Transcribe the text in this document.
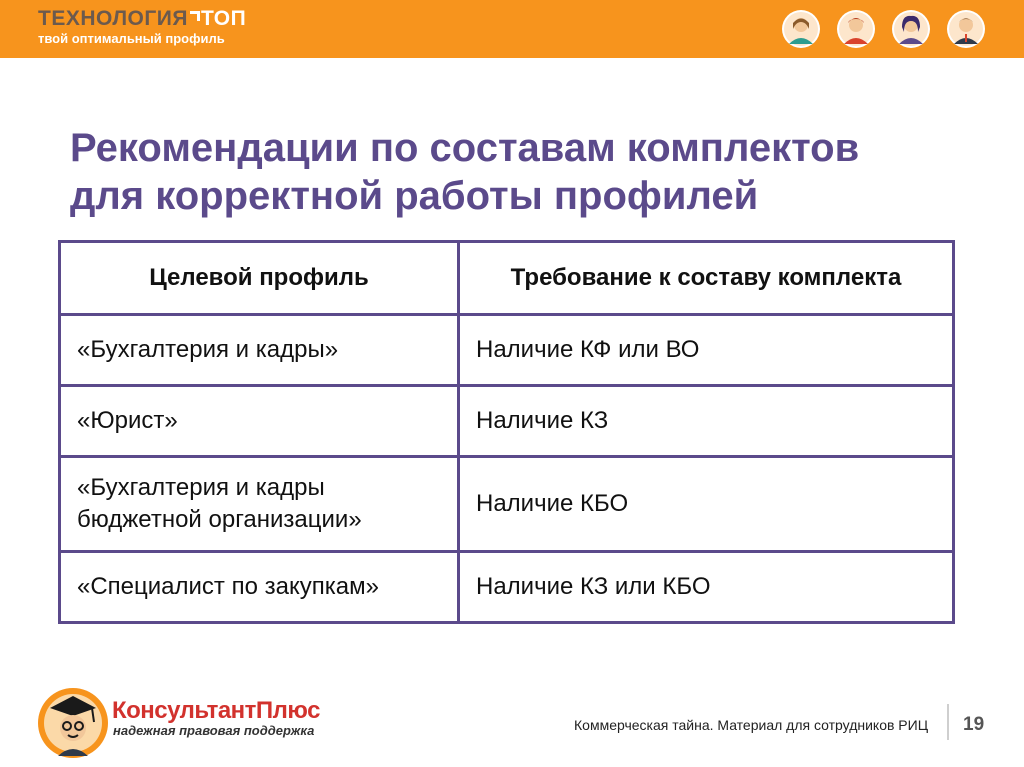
ТЕХНОЛОГИЯ ТОП
твой оптимальный профиль
Рекомендации по составам комплектов
для корректной работы профилей
Целевой профиль	Требование к составу комплекта
«Бухгалтерия и кадры»	Наличие КФ или ВО
«Юрист»	Наличие КЗ

«Бухгалтерия и кадры
бюджетной организации»	Наличие КБО
«Специалист по закупкам»	Наличие КЗ или КБО
КонсультантПлюс
надежная правовая поддержка	Коммерческая тайна. Материал для сотрудников РИЦ 19
